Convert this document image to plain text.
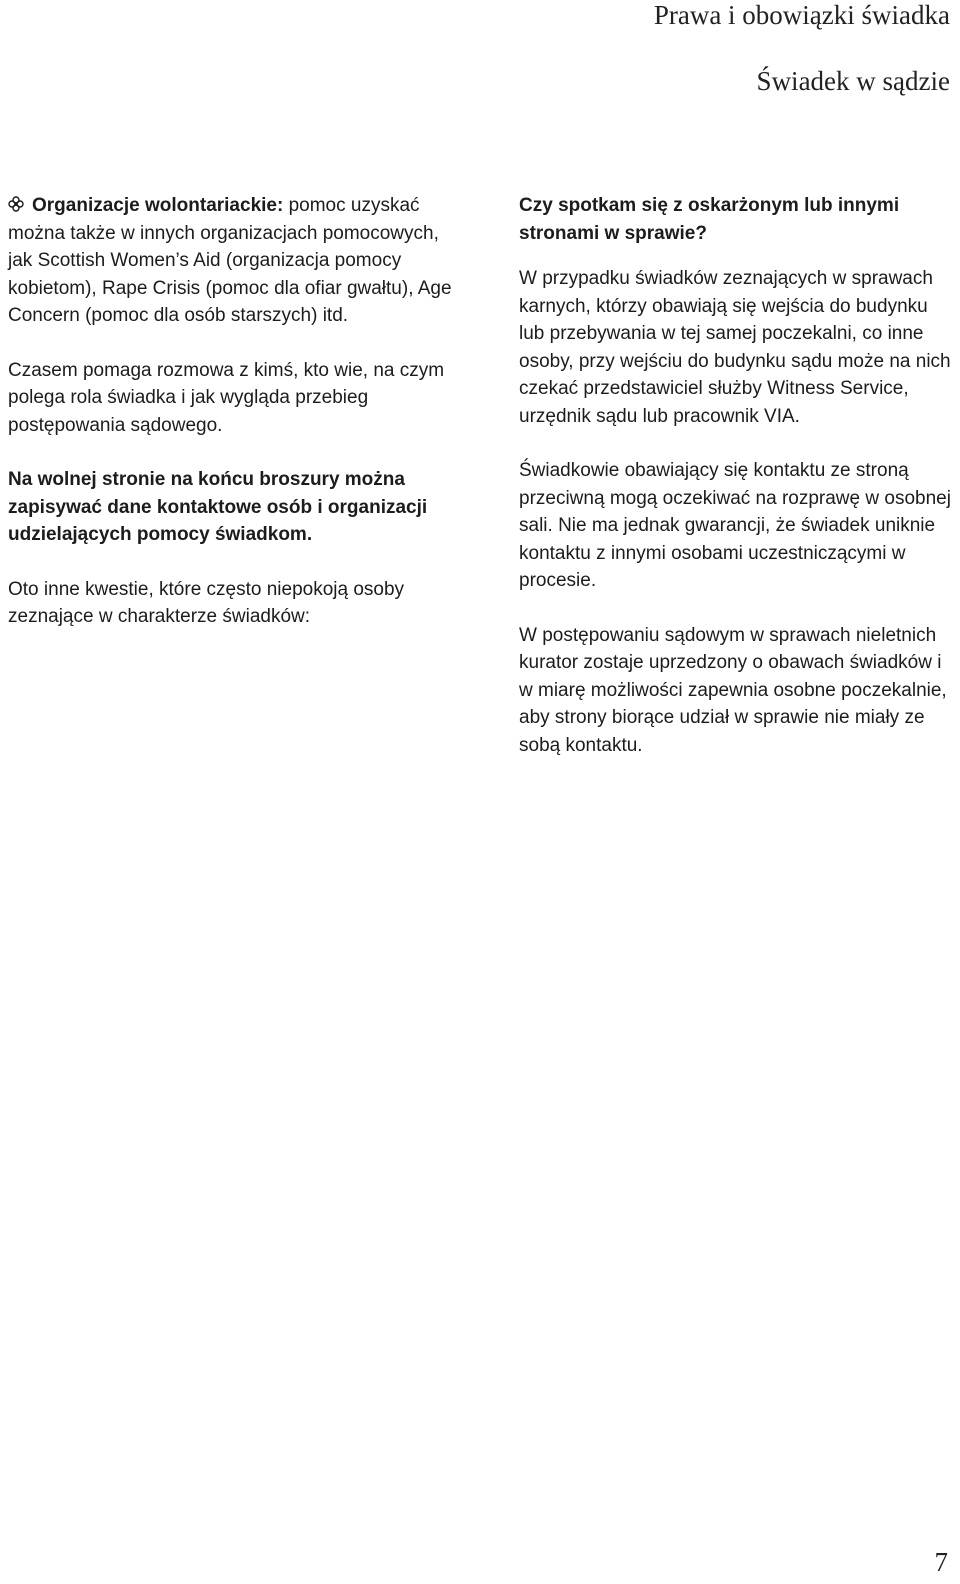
Prawa i obowiązki świadka
Świadek w sądzie

Organizacje wolontariackie: pomoc uzyskać można także w innych organizacjach pomocowych, jak Scottish Women’s Aid (organizacja pomocy kobietom), Rape Crisis (pomoc dla ofiar gwałtu), Age Concern (pomoc dla osób starszych) itd.

Czasem pomaga rozmowa z kimś, kto wie, na czym polega rola świadka i jak wygląda przebieg postępowania sądowego.

Na wolnej stronie na końcu broszury można zapisywać dane kontaktowe osób i organizacji udzielających pomocy świadkom.

Oto inne kwestie, które często niepokoją osoby zeznające w charakterze świadków:

Czy spotkam się z oskarżonym lub innymi stronami w sprawie?

W przypadku świadków zeznających w sprawach karnych, którzy obawiają się wejścia do budynku lub przebywania w tej samej poczekalni, co inne osoby, przy wejściu do budynku sądu może na nich czekać przedstawiciel służby Witness Service, urzędnik sądu lub pracownik VIA.

Świadkowie obawiający się kontaktu ze stroną przeciwną mogą oczekiwać na rozprawę w osobnej sali. Nie ma jednak gwarancji, że świadek uniknie kontaktu z innymi osobami uczestniczącymi w procesie.

W postępowaniu sądowym w sprawach nieletnich kurator zostaje uprzedzony o obawach świadków i w miarę możliwości zapewnia osobne poczekalnie, aby strony biorące udział w sprawie nie miały ze sobą kontaktu.

7
